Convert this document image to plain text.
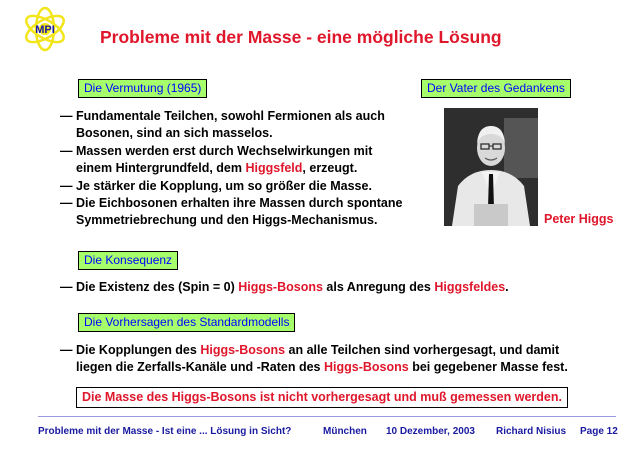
MPI	Probleme mit der Masse - eine mögliche Lösung
Die Vermutung (1965)	Der Vater des Gedankens
— Fundamentale Teilchen, sowohl Fermionen als auch
Bosonen, sind an sich masselos.
— Massen werden erst durch Wechselwirkungen mit
einem Hintergrundfeld, dem Higgsfeld, erzeugt.
— Je stärker die Kopplung, um so größer die Masse.
— Die Eichbosonen erhalten ihre Massen durch spontane
Symmetriebrechung und den Higgs-Mechanismus.	Peter Higgs
Die Konsequenz
— Die Existenz des (Spin = 0) Higgs-Bosons als Anregung des Higgsfeldes.
Die Vorhersagen des Standardmodells
— Die Kopplungen des Higgs-Bosons an alle Teilchen sind vorhergesagt, und damit
liegen die Zerfalls-Kanäle und -Raten des Higgs-Bosons bei gegebener Masse fest.
Die Masse des Higgs-Bosons ist nicht vorhergesagt und muß gemessen werden.
Probleme mit der Masse - Ist eine ... Lösung in Sicht?	München 10 Dezember, 2003 Richard Nisius Page 12
